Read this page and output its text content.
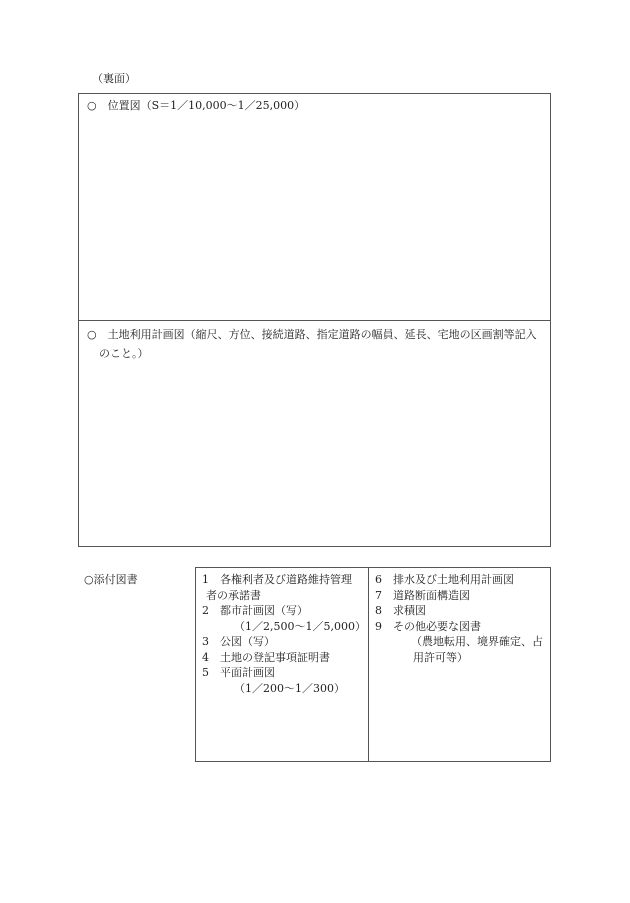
（裏面）
○　位置図（S＝1／10,000～1／25,000）
○　土地利用計画図（縮尺、方位、接続道路、指定道路の幅員、延長、宅地の区画割等記入のこと。）
○添付図書	1 各権利者及び道路維持管理
者の承諾書
2 都市計画図（写）
（1／2,500～1／5,000）
3 公図（写）
4 土地の登記事項証明書
5 平面計画図
（1／200～1／300）
6 排水及び土地利用計画図
7 道路断面構造図
8 求積図
9 その他必要な図書
（農地転用、境界確定、占用許可等）
